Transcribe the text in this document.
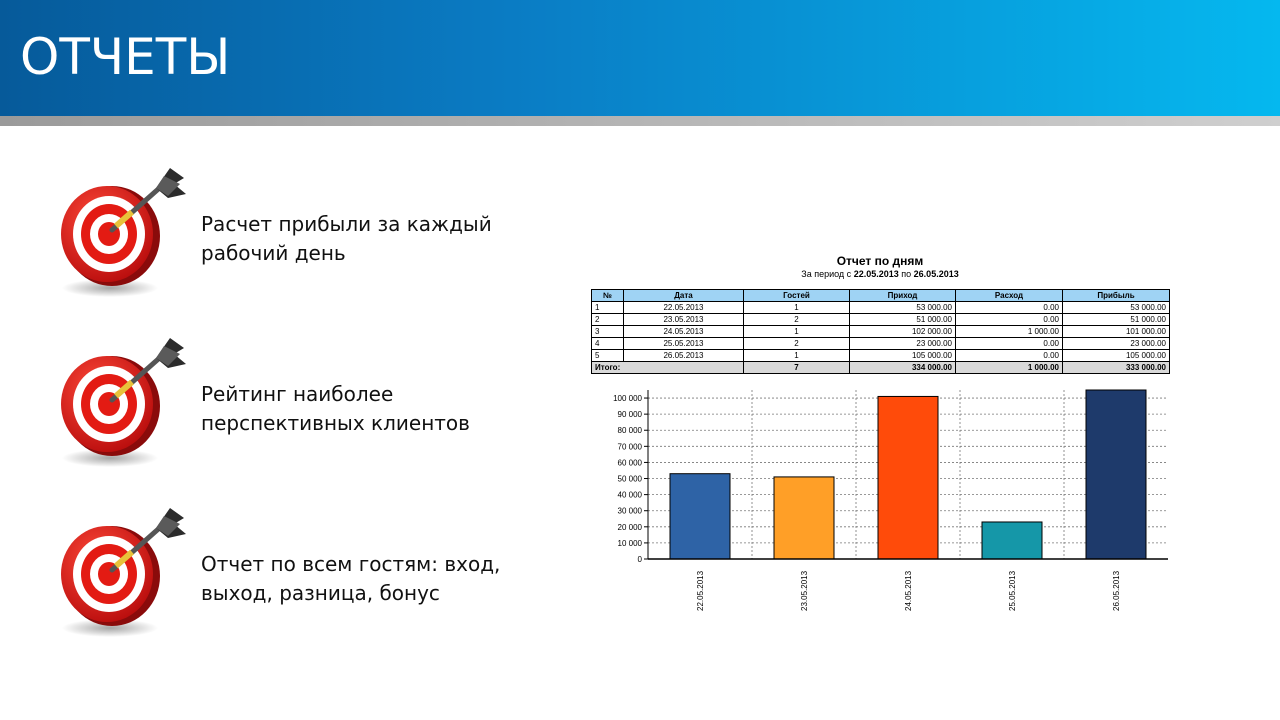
ОТЧЕТЫ
Расчет прибыли за каждый
рабочий день
Рейтинг наиболее
перспективных клиентов
Отчет по всем гостям: вход,
выход, разница, бонус
Отчет по дням
За период с 22.05.2013 по 26.05.2013
№	Дата	Гостей	Приход	Расход	Прибыль
1	22.05.2013	1	53 000.00	0.00	53 000.00
2	23.05.2013	2	51 000.00	0.00	51 000.00
3	24.05.2013	1	102 000.00	1 000.00	101 000.00
4	25.05.2013	2	23 000.00	0.00	23 000.00
5	26.05.2013	1	105 000.00	0.00	105 000.00
Итого:		7	334 000.00	1 000.00	333 000.00
0
10 000
20 000
30 000
40 000
50 000
60 000
70 000
80 000
90 000
100 000
22.05.2013	23.05.2013	24.05.2013	25.05.2013	26.05.2013
